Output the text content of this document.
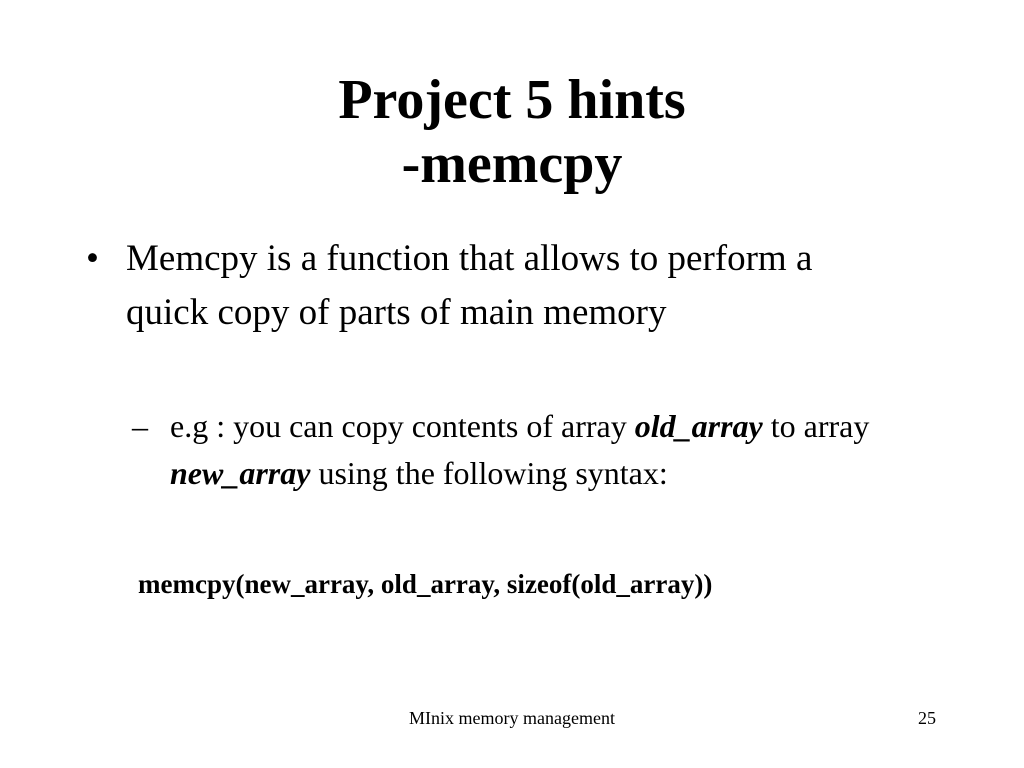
Project 5 hints
-memcpy
• Memcpy is a function that allows to perform a quick copy of parts of main memory
– e.g : you can copy contents of array old_array to array new_array using the following syntax:
memcpy(new_array, old_array, sizeof(old_array))
MInix memory management	25
